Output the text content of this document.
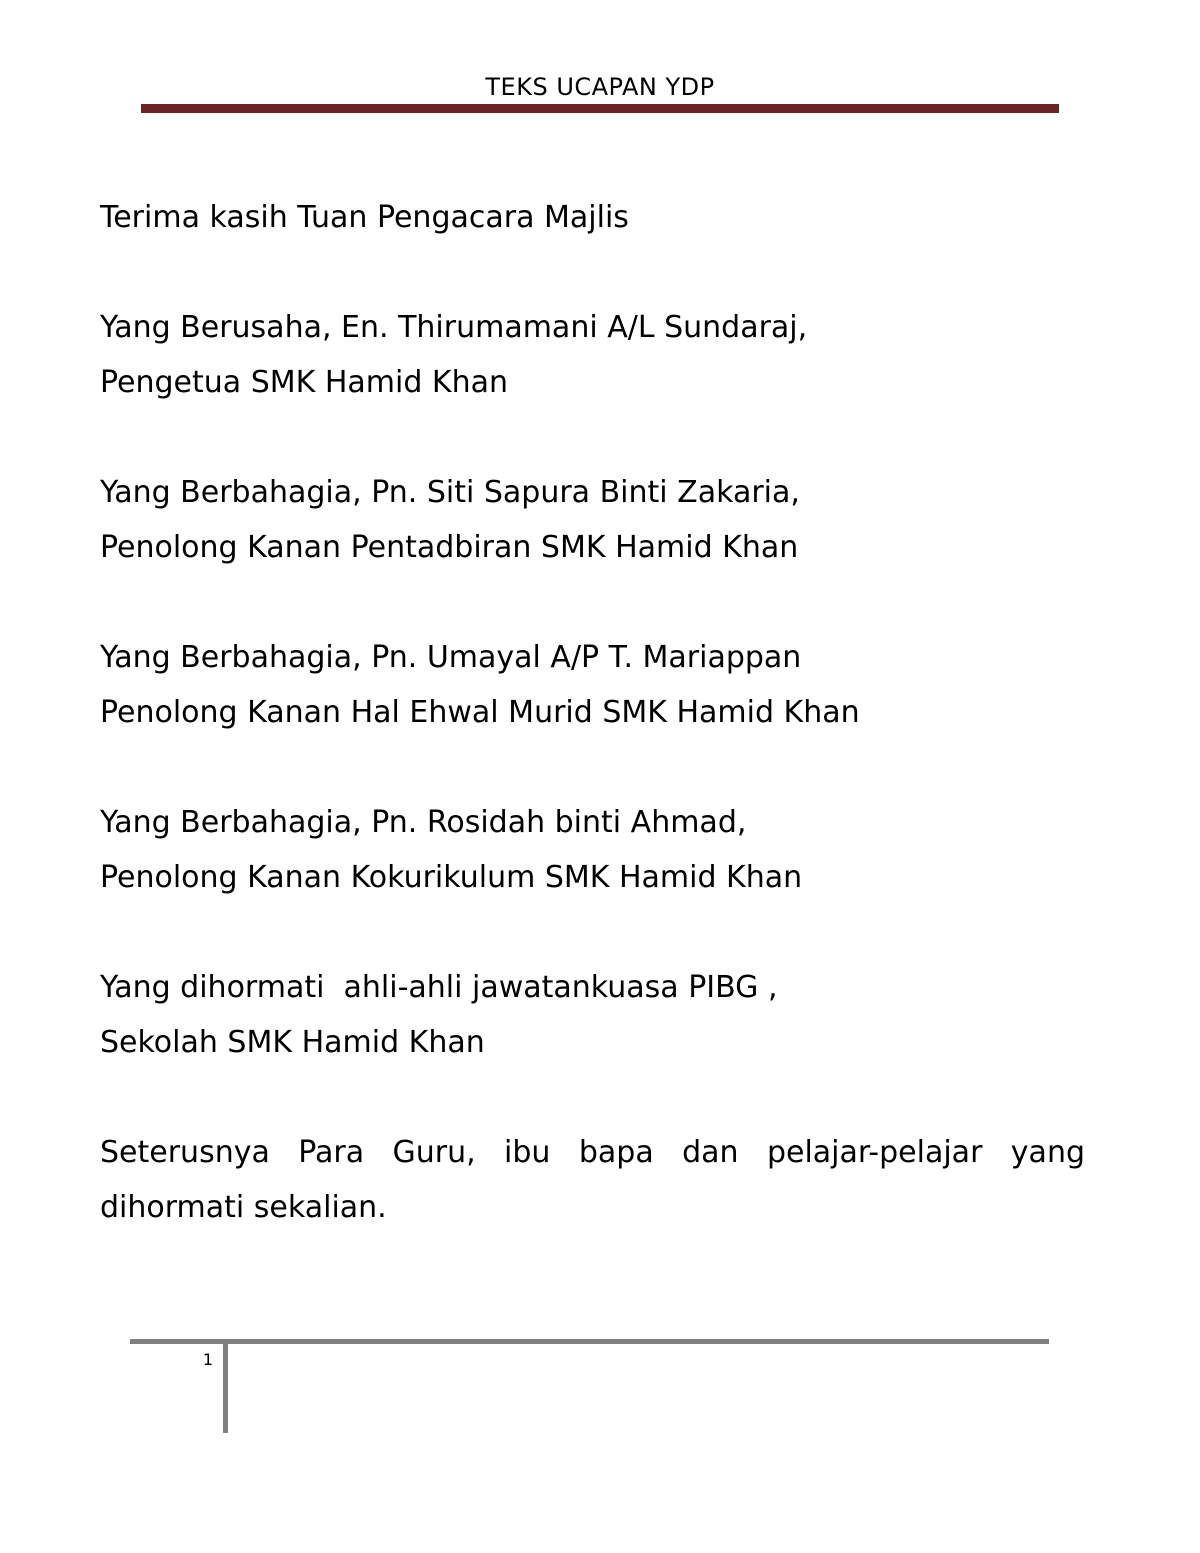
TEKS UCAPAN YDP

Terima kasih Tuan Pengacara Majlis

Yang Berusaha, En. Thirumamani A/L Sundaraj,
Pengetua SMK Hamid Khan

Yang Berbahagia, Pn. Siti Sapura Binti Zakaria,
Penolong Kanan Pentadbiran SMK Hamid Khan

Yang Berbahagia, Pn. Umayal A/P T. Mariappan
Penolong Kanan Hal Ehwal Murid SMK Hamid Khan

Yang Berbahagia, Pn. Rosidah binti Ahmad,
Penolong Kanan Kokurikulum SMK Hamid Khan

Yang dihormati  ahli-ahli jawatankuasa PIBG ,
Sekolah SMK Hamid Khan

Seterusnya Para Guru, ibu bapa dan pelajar-pelajar yang
dihormati sekalian.

1
